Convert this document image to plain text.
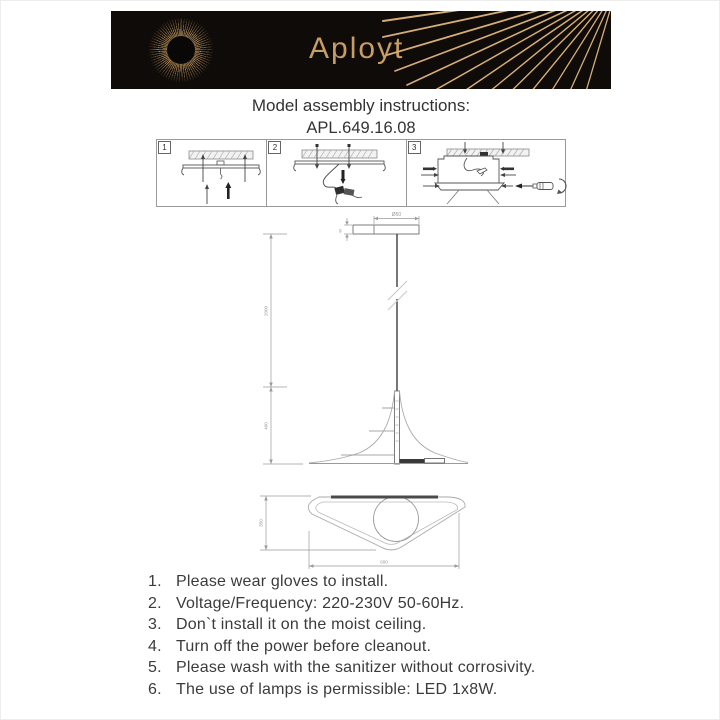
Aployt
Model assembly instructions:
APL.649.16.08
1	2	3
Ø50
40
2000
400
350
600
1. Please wear gloves to install.
2. Voltage/Frequency: 220-230V 50-60Hz.
3. Don`t install it on the moist ceiling.
4. Turn off the power before cleanout.
5. Please wash with the sanitizer without corrosivity.
6. The use of lamps is permissible: LED 1x8W.
